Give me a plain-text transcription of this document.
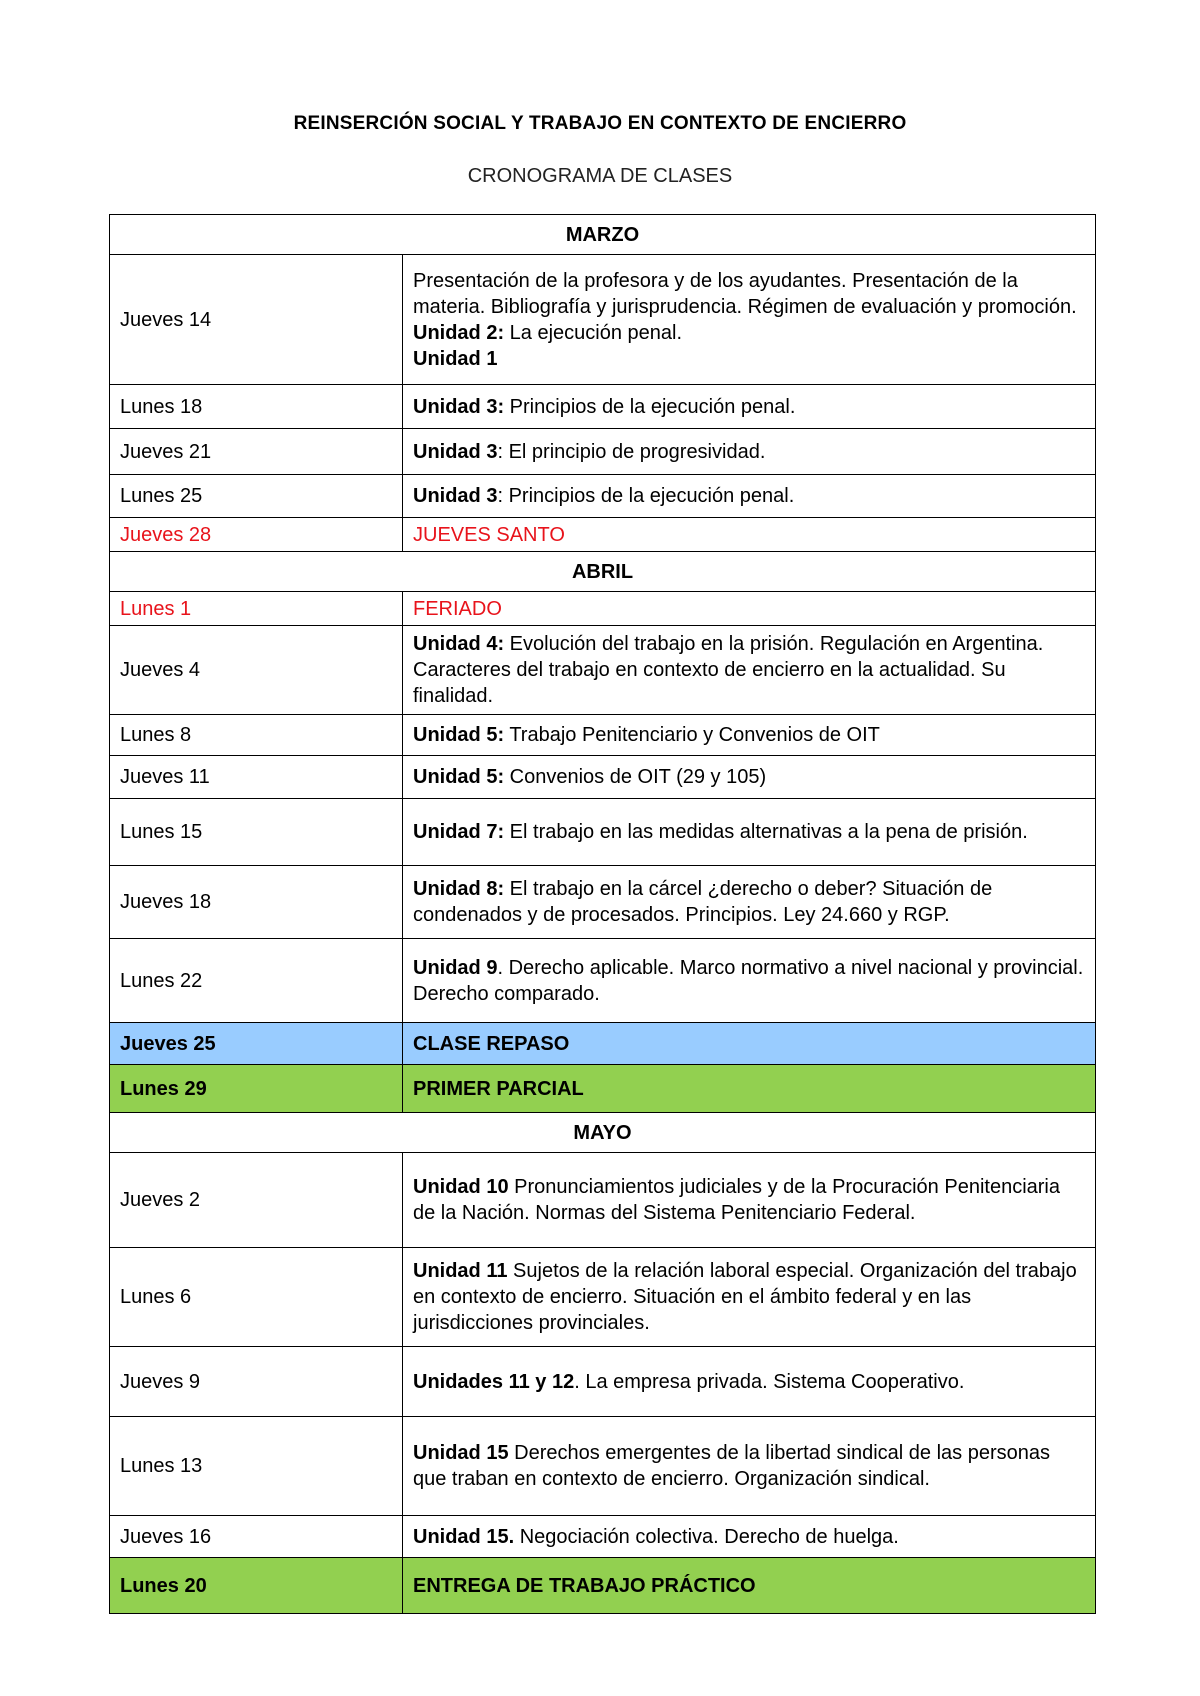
REINSERCIÓN SOCIAL Y TRABAJO EN CONTEXTO DE ENCIERRO
CRONOGRAMA DE CLASES
MARZO	
Jueves 14	Presentación de la profesora y de los ayudantes. Presentación de la materia. Bibliografía y jurisprudencia. Régimen de evaluación y promoción.
Unidad 2: La ejecución penal.
Unidad 1
Lunes 18	Unidad 3: Principios de la ejecución penal.
Jueves 21	Unidad 3: El principio de progresividad.
Lunes 25	Unidad 3: Principios de la ejecución penal.
Jueves 28	JUEVES SANTO
ABRIL	
Lunes 1	FERIADO
Jueves 4	Unidad 4: Evolución del trabajo en la prisión. Regulación en Argentina. Caracteres del trabajo en contexto de encierro en la actualidad. Su finalidad.
Lunes 8	Unidad 5: Trabajo Penitenciario y Convenios de OIT
Jueves 11	Unidad 5: Convenios de OIT (29 y 105)
Lunes 15	Unidad 7: El trabajo en las medidas alternativas a la pena de prisión.
Jueves 18	Unidad 8: El trabajo en la cárcel ¿derecho o deber? Situación de condenados y de procesados. Principios. Ley 24.660 y RGP.
Lunes 22	Unidad 9. Derecho aplicable. Marco normativo a nivel nacional y provincial. Derecho comparado.
Jueves 25	CLASE REPASO
Lunes 29	PRIMER PARCIAL
MAYO	
Jueves 2	Unidad 10 Pronunciamientos judiciales y de la Procuración Penitenciaria de la Nación. Normas del Sistema Penitenciario Federal.
Lunes 6	Unidad 11 Sujetos de la relación laboral especial. Organización del trabajo en contexto de encierro. Situación en el ámbito federal y en las jurisdicciones provinciales.
Jueves 9	Unidades 11 y 12. La empresa privada. Sistema Cooperativo.
Lunes 13	Unidad 15 Derechos emergentes de la libertad sindical de las personas que traban en contexto de encierro. Organización sindical.
Jueves 16	Unidad 15. Negociación colectiva. Derecho de huelga.
Lunes 20	ENTREGA DE TRABAJO PRÁCTICO
